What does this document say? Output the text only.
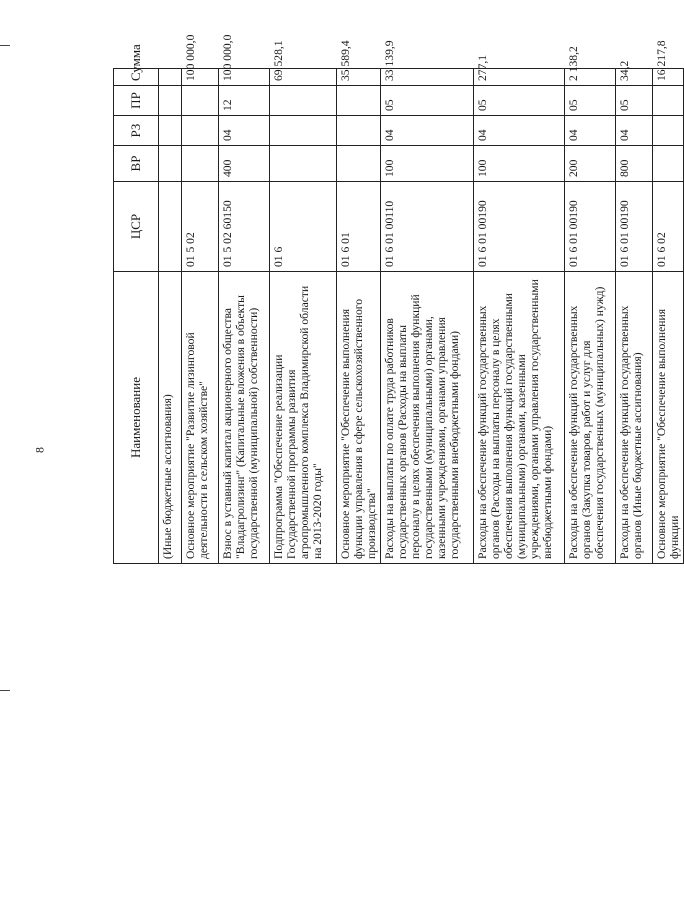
8	Наименование	ЦСР	ВР	РЗ	ПР	Сумма
(Иные бюджетные ассигнования)					
Основное мероприятие "Развитие лизинговой деятельности в сельском хозяйстве"	01 5 02				100 000,0
Взнос в уставный капитал акционерного общества "Владагролизинг" (Капитальные вложения в объекты государственной (муниципальной) собственности)	01 5 02 60150	400	04	12	100 000,0
Подпрограмма "Обеспечение реализации Государственной программы развития агропромышленного комплекса Владимирской области на 2013-2020 годы"	01 6				69 528,1
Основное мероприятие "Обеспечение выполнения функции управления в сфере сельскохозяйственного производства"	01 6 01				35 589,4
Расходы на выплаты по оплате труда работников государственных органов (Расходы на выплаты персоналу в целях обеспечения выполнения функций государственными (муниципальными) органами, казенными учреждениями, органами управления государственными внебюджетными фондами)	01 6 01 00110	100	04	05	33 139,9
Расходы на обеспечение функций государственных органов (Расходы на выплаты персоналу в целях обеспечения выполнения функций государственными (муниципальными) органами, казенными учреждениями, органами управления государственными внебюджетными фондами)	01 6 01 00190	100	04	05	277,1
Расходы на обеспечение функций государственных органов (Закупка товаров, работ и услуг для обеспечения государственных (муниципальных) нужд)	01 6 01 00190	200	04	05	2 138,2
Расходы на обеспечение функций государственных органов (Иные бюджетные ассигнования)	01 6 01 00190	800	04	05	34,2
Основное мероприятие "Обеспечение выполнения функции	01 6 02				16 217,8
